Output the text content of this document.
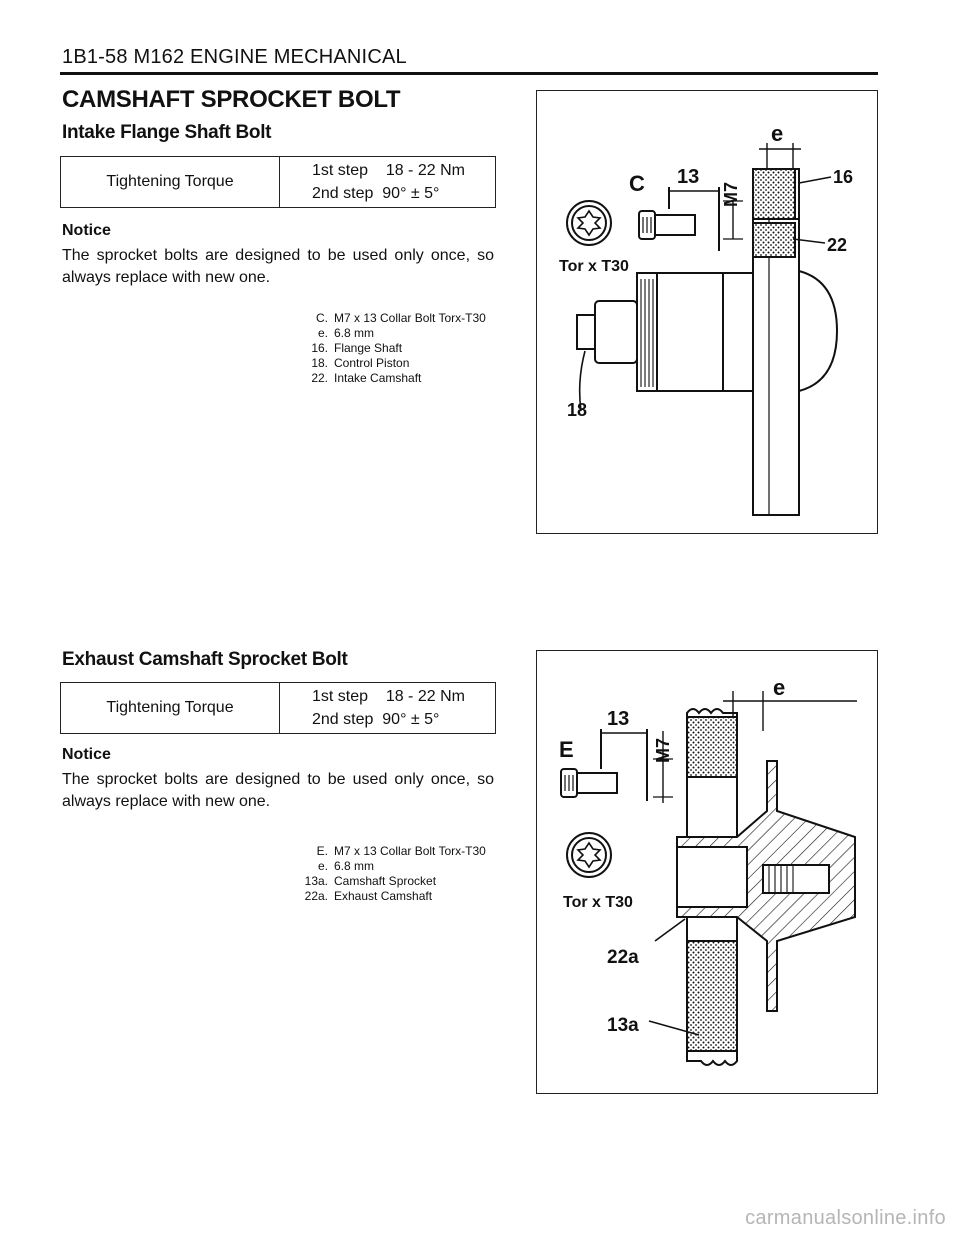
1B1-58 M162 ENGINE MECHANICAL
CAMSHAFT SPROCKET BOLT
Intake Flange Shaft Bolt
Tightening Torque
1st step    18 - 22 Nm
2nd step  90° ± 5°
Notice
The sprocket bolts are designed to be used only once, so always replace with new one.
C. M7 x 13 Collar Bolt Torx-T30
e. 6.8 mm
16. Flange Shaft
18. Control Piston
22. Intake Camshaft
C 13
M7
e
16
22
Tor x T30
18
Exhaust Camshaft Sprocket Bolt
Tightening Torque
1st step    18 - 22 Nm
2nd step  90° ± 5°
Notice
The sprocket bolts are designed to be used only once, so always replace with new one.
E. M7 x 13 Collar Bolt Torx-T30
e. 6.8 mm
13a. Camshaft Sprocket
22a. Exhaust Camshaft
E
13
M7
e
Tor x T30
22a
13a
carmanualsonline.info
